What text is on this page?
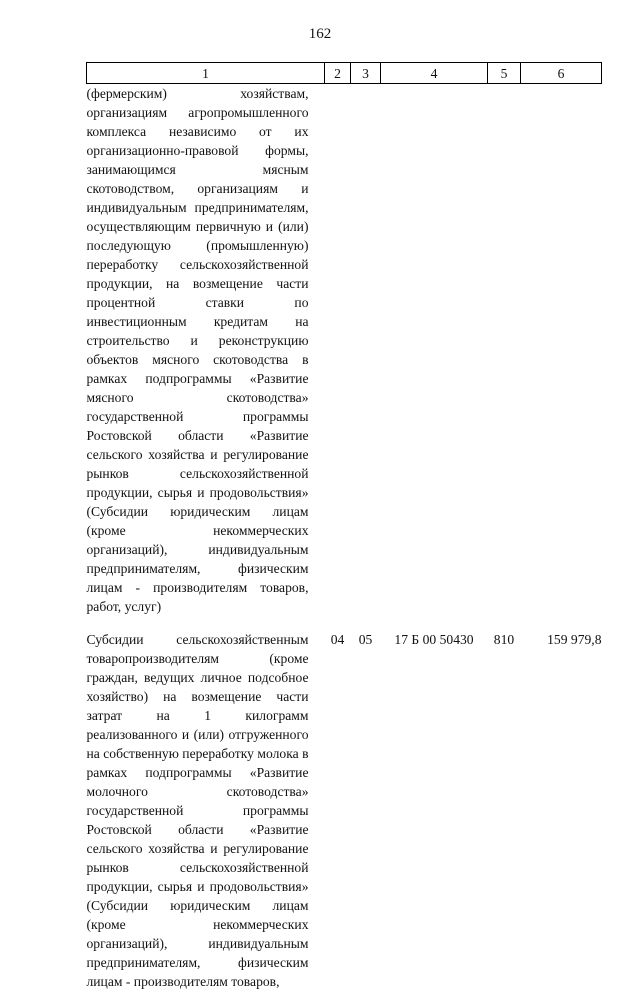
162
1	2	3	4	5	6
(фермерским) хозяйствам, организациям агропромышленного комплекса независимо от их организационно-правовой формы, занимающимся мясным скотоводством, организациям и индивидуальным предпринимателям, осуществляющим первичную и (или) последующую (промышленную) переработку сельскохозяйственной продукции, на возмещение части процентной ставки по инвестиционным кредитам на строительство и реконструкцию объектов мясного скотоводства в рамках подпрограммы «Развитие мясного скотоводства» государственной программы Ростовской области «Развитие сельского хозяйства и регулирование рынков сельскохозяйственной продукции, сырья и продовольствия» (Субсидии юридическим лицам (кроме некоммерческих организаций), индивидуальным предпринимателям, физическим лицам - производителям товаров, работ, услуг)					

Субсидии сельскохозяйственным товаропроизводителям (кроме граждан, ведущих личное подсобное хозяйство) на возмещение части затрат на 1 килограмм реализованного и (или) отгруженного на собственную переработку молока в рамках подпрограммы «Развитие молочного скотоводства» государственной программы Ростовской области «Развитие сельского хозяйства и регулирование рынков сельскохозяйственной продукции, сырья и продовольствия» (Субсидии юридическим лицам (кроме некоммерческих организаций), индивидуальным предпринимателям, физическим лицам - производителям товаров,	04	05	17 Б 00 50430	810	159 979,8
